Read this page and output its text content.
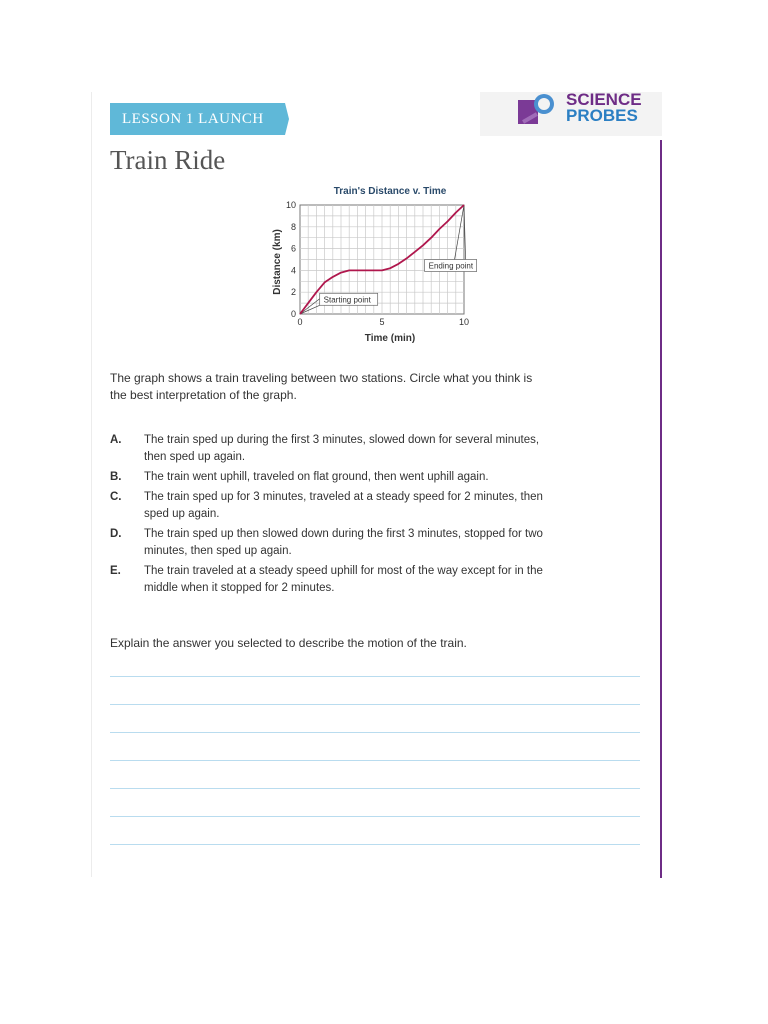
LESSON 1 LAUNCH
SCIENCE
PROBES
Train Ride
Train's Distance v. Time
0
2
4
6
8
10
0	5	10
Starting point
Ending point
Time (min)
Distance (km)

The graph shows a train traveling between two stations. Circle what you think is the best interpretation of the graph.

A.	The train sped up during the first 3 minutes, slowed down for several minutes, then sped up again.
B.	The train went uphill, traveled on flat ground, then went uphill again.
C.	The train sped up for 3 minutes, traveled at a steady speed for 2 minutes, then sped up again.
D.	The train sped up then slowed down during the first 3 minutes, stopped for two minutes, then sped up again.
E.	The train traveled at a steady speed uphill for most of the way except for in the middle when it stopped for 2 minutes.

Explain the answer you selected to describe the motion of the train.
